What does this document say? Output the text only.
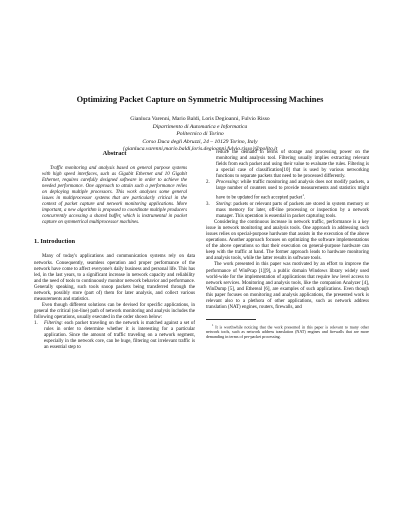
Optimizing Packet Capture on Symmetric Multiprocessing Machines
Gianluca Varenni, Mario Baldi, Loris Degioanni, Fulvio Risso
Dipartimento di Automatica e Informatica
Politecnico di Torino
Corso Duca degli Abruzzi, 24 – 10129 Torino, Italy
{gianluca.varenni,mario.baldi,loris.degioanni,fulvio.risso}@polito.it
Abstract

Traffic monitoring and analysis based on general purpose systems with high speed interfaces, such as Gigabit Ethernet and 10 Gigabit Ethernet, requires carefully designed software in order to achieve the needed performance. One approach to attain such a performance relies on deploying multiple processors. This work analyses some general issues in multiprocessor systems that are particularly critical in the context of packet capture and network monitoring applications. More important, a new algorithm is proposed to coordinate multiple producers concurrently accessing a shared buffer, which is instrumental in packet capture on symmetrical multiprocessor machines.

1. Introduction

Many of today's applications and communication systems rely on data networks. Consequently, seamless operation and proper performance of the network have come to affect everyone's daily business and personal life. This has led, in the last years, to a significant increase in network capacity and reliability and the need of tools to continuously monitor network behavior and performance. Generally speaking, such tools snoop packets being transferred through the network, possibly store (part of) them for later analysis, and collect various measurements and statistics.

Even though different solutions can be devised for specific applications, in general the critical (on-line) path of network monitoring and analysis includes the following operations, usually executed in the order shown below:

1. Filtering: each packet traveling on the network is matched against a set of rules in order to determine whether it is interesting for a particular application. Since the amount of traffic traveling on a network segment, especially in the network core, can be huge, filtering out irrelevant traffic is an essential step to
reduce the demand in terms of storage and processing power on the monitoring and analysis tool. Filtering usually implies extracting relevant fields from each packet and using their value to evaluate the rules. Filtering is a special case of classification[10] that is used by various networking functions to separate packets that need to be processed differently.
2. Processing: while traffic monitoring and analysis does not modify packets, a large number of counters used to provide measurements and statistics might have to be updated for each accepted packet$^1$.
3. Storing: packets or relevant parts of packets are stored in system memory or mass memory for later, off-line processing or inspection by a network manager. This operation is essential in packet capturing tools.

Considering the continuous increase in network traffic, performance is a key issue in network monitoring and analysis tools. One approach in addressing such issues relies on special-purpose hardware that assists in the execution of the above operations. Another approach focuses on optimizing the software implementations of the above operations so that their execution on general-purpose hardware can keep with the traffic at hand. The former approach leads to hardware monitoring and analysis tools, while the latter results in software tools.

The work presented in this paper was motivated by an effort to improve the performance of WinPcap [1][9], a public domain Windows library widely used world-wide for the implementation of applications that require low level access to network services. Monitoring and analysis tools, like the companion Analyzer [4], WinDump [5], and Ethereal [6], are examples of such applications. Even though this paper focuses on monitoring and analysis applications, the presented work is relevant also to a plethora of other applications, such as network address translation (NAT) engines, routers, firewalls, and

$^1$ It is worthwhile noticing that the work presented in this paper is relevant to many other network tools, such as network address translation (NAT) engines and firewalls that are more demanding in terms of per-packet processing.
